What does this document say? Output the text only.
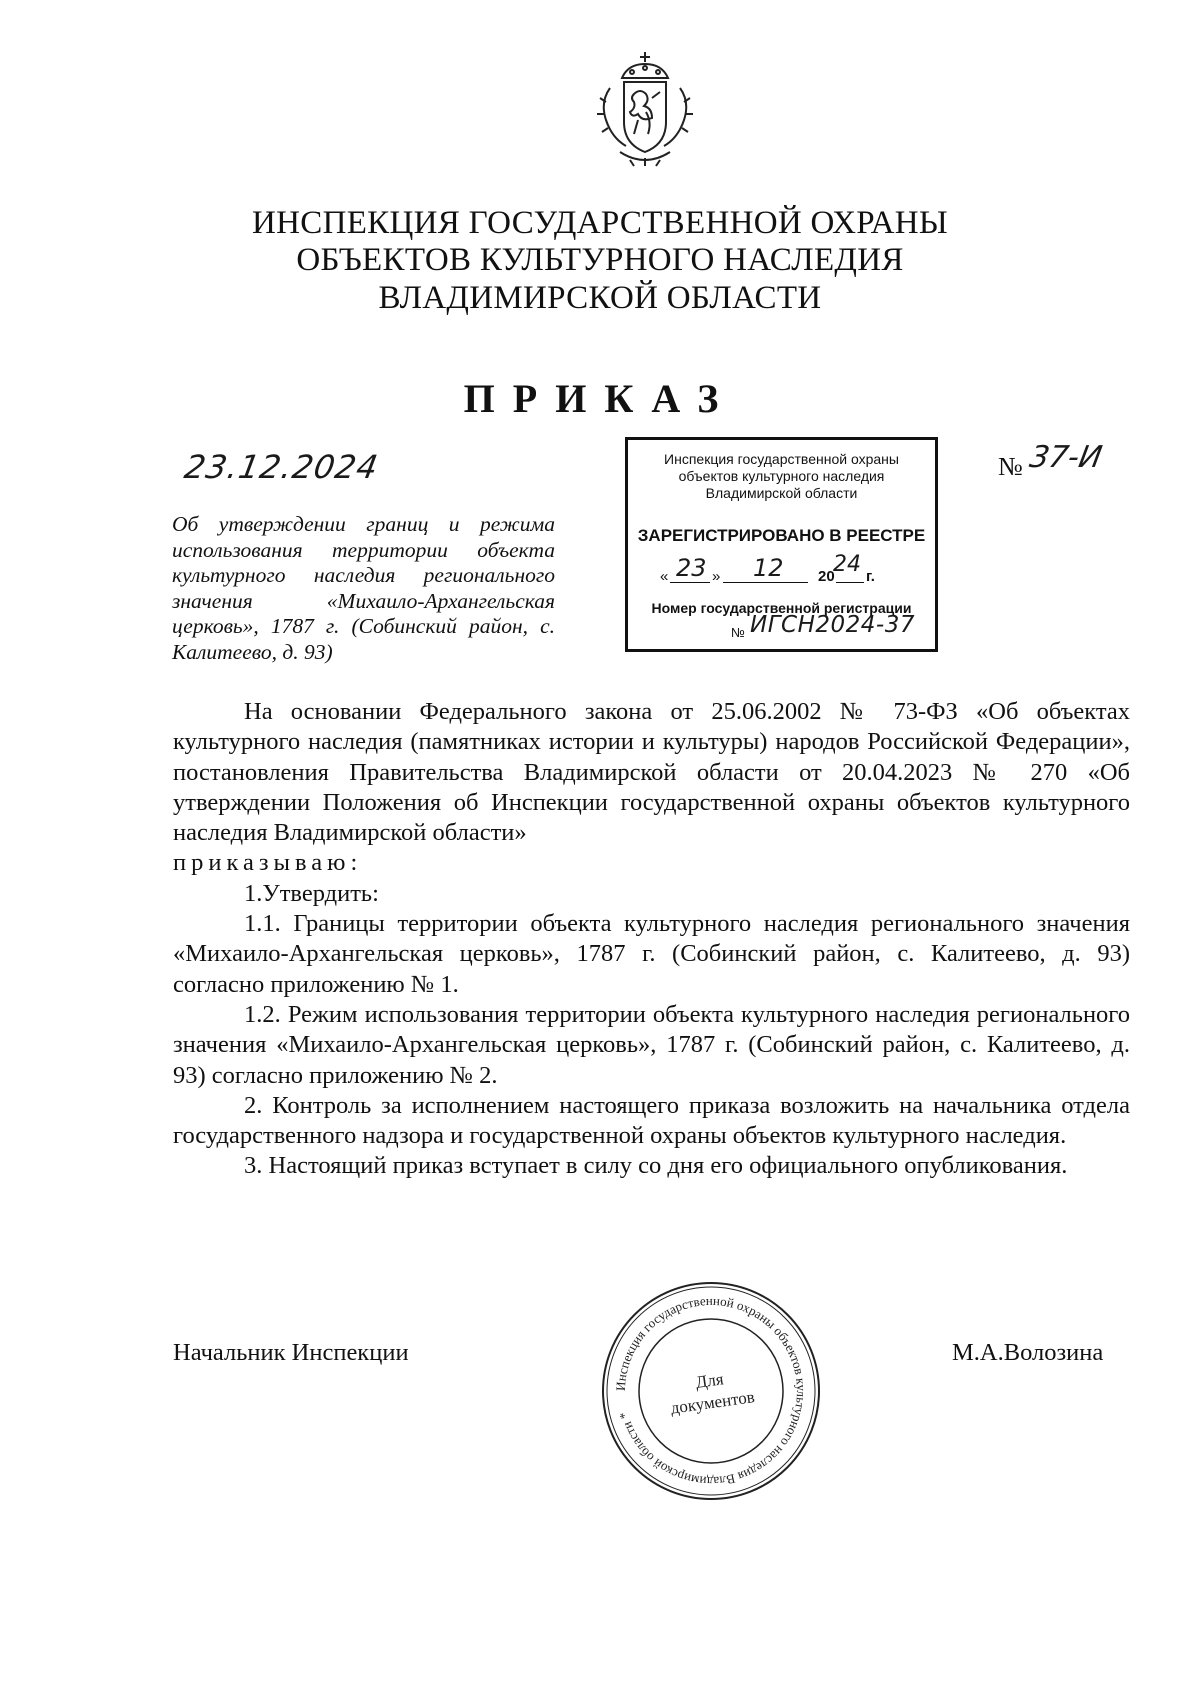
ИНСПЕКЦИЯ ГОСУДАРСТВЕННОЙ ОХРАНЫ
ОБЪЕКТОВ КУЛЬТУРНОГО НАСЛЕДИЯ
ВЛАДИМИРСКОЙ ОБЛАСТИ
ПРИКАЗ
23.12.2024	№ 37-И
Инспекция государственной охраны
объектов культурного наследия
Владимирской области
ЗАРЕГИСТРИРОВАНО В РЕЕСТРЕ
« 23 » 12 20
24 г.
Номер государственной регистрации
№ ИГСН2024-37
Об утверждении границ и режима использования территории объекта культурного наследия регионального значения «Михаило-Архангельская церковь», 1787 г. (Собинский район, с. Калитеево, д. 93)

На основании Федерального закона от 25.06.2002 № 73-ФЗ «Об объектах культурного наследия (памятниках истории и культуры) народов Российской Федерации», постановления Правительства Владимирской области от 20.04.2023 № 270 «Об утверждении Положения об Инспекции государственной охраны объектов культурного наследия Владимирской области»

приказываю:

1.Утвердить:

1.1. Границы территории объекта культурного наследия регионального значения «Михаило-Архангельская церковь», 1787 г. (Собинский район, с. Калитеево, д. 93) согласно приложению № 1.

1.2. Режим использования территории объекта культурного наследия регионального значения «Михаило-Архангельская церковь», 1787 г. (Собинский район, с. Калитеево, д. 93) согласно приложению № 2.

2. Контроль за исполнением настоящего приказа возложить на начальника отдела государственного надзора и государственной охраны объектов культурного наследия.

3. Настоящий приказ вступает в силу со дня его официального опубликования.

Начальник Инспекции	М.А.Волозина
Инспекция государственной охраны объектов культурного наследия Владимирской области *
Для
документов
